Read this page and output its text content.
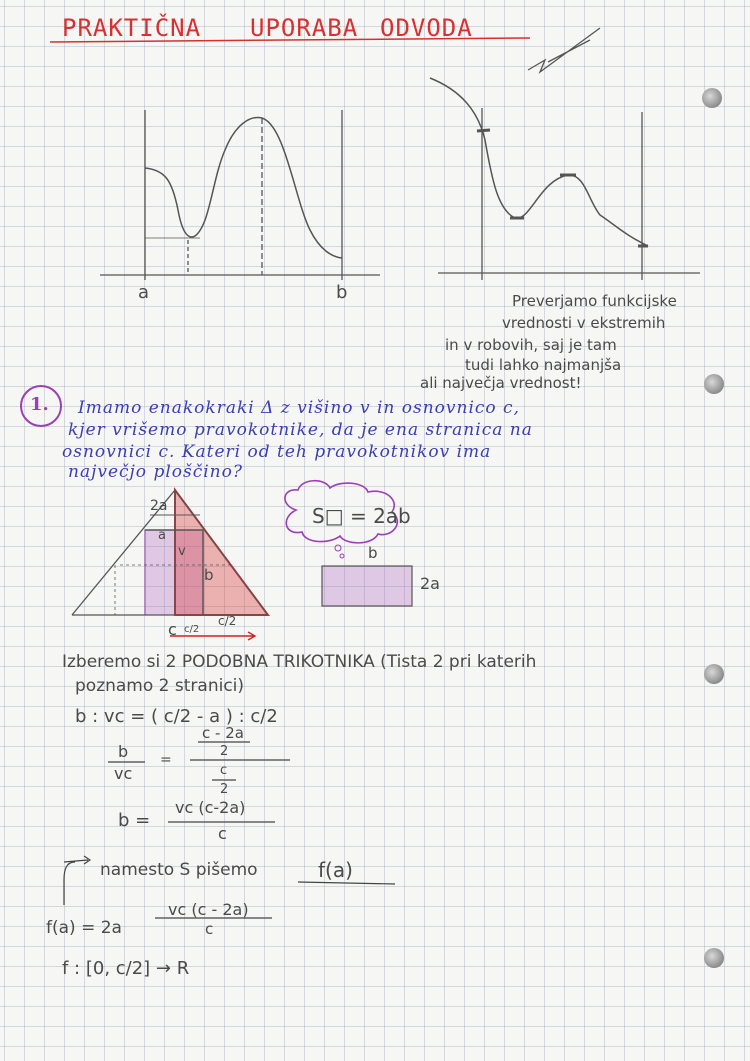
PRAKTIČNA UPORABA ODVODA
a	b	Preverjamo funkcijske
vrednosti v ekstremih
in v robovih, saj je tam
tudi lahko najmanjša
ali največja vrednost!
1. Imamo enakokraki Δ z višino v in osnovnico c,
kjer vrišemo pravokotnike, da je ena stranica na
osnovnici c. Kateri od teh pravokotnikov ima
največjo ploščino?
2a
a
v
b
c c/2
c/2
S□ = 2ab
b
2a
Izberemo si 2 PODOBNA TRIKOTNIKA (Tista 2 pri katerih
poznamo 2 stranici)
b : vc = ( c/2 - a ) : c/2
b
vc
=
c - 2a
2
c
2
b =
vc (c-2a)
c
namesto S pišemo	f(a)
f(a) = 2a
vc (c - 2a)
c
f : [0, c/2] → R
